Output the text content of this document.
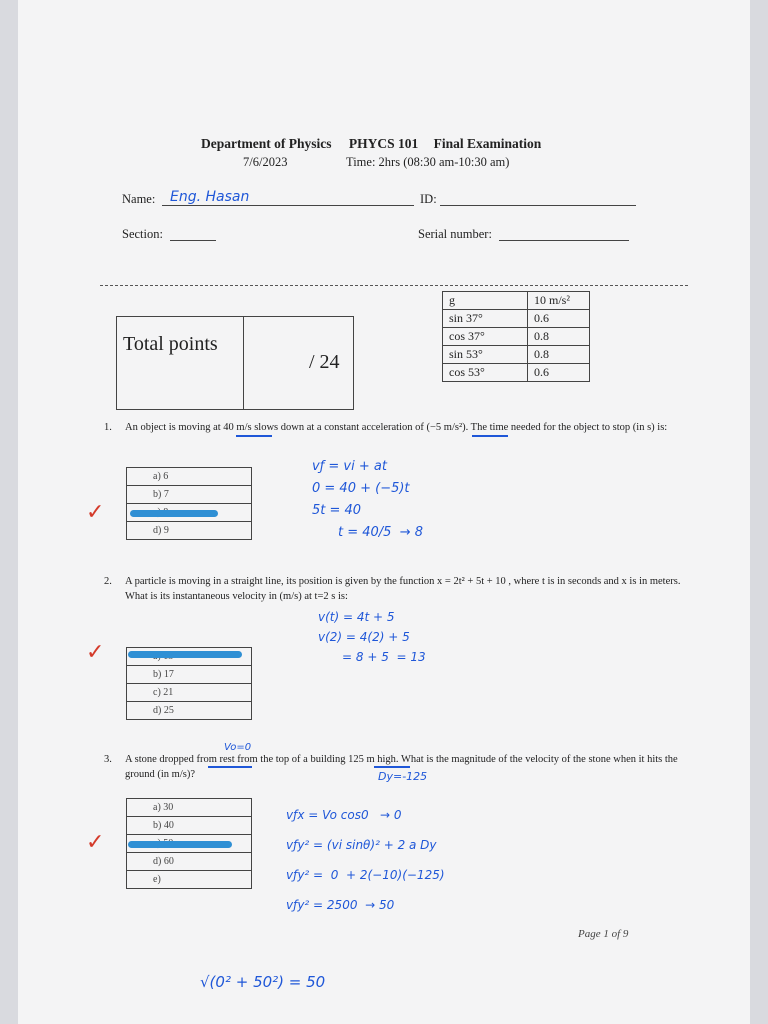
Department of Physics PHYCS 101 Final Examination
7/6/2023	Time: 2hrs (08:30 am-10:30 am)
Name: Eng. Hasan	ID:
Section:	Serial number:
Total points
/ 24
g	10 m/s²
sin 37°	0.6
cos 37°	0.8
sin 53°	0.8
cos 53°	0.6
1. An object is moving at 40 m/s slows down at a constant acceleration of (−5 m/s²). The time needed for the object to stop (in s) is:
a) 6
b) 7

d) 9
✓
vƒ = vi + at
0 = 40 + (−5)t
5t = 40
t = 40/5  → 8
2. A particle is moving in a straight line, its position is given by the function x = 2t² + 5t + 10 , where t is in seconds and x is in meters. What is its instantaneous velocity in (m/s) at t=2 s is:

b) 17
c) 21
d) 25
✓
v(t) = 4t + 5
v(2) = 4(2) + 5
= 8 + 5  = 13
Vo=0
3. A stone dropped from rest from the top of a building 125 m high. What is the magnitude of the velocity of the stone when it hits the ground (in m/s)?	Dy=-125
a) 30
b) 40

d) 60
e)
✓
vƒx = Vo cos0   → 0
vƒy² = (vi sinθ)² + 2 a Dy
vƒy² =  0  + 2(−10)(−125)
vƒy² = 2500  → 50
√(0² + 50²) = 50
Page 1 of 9
